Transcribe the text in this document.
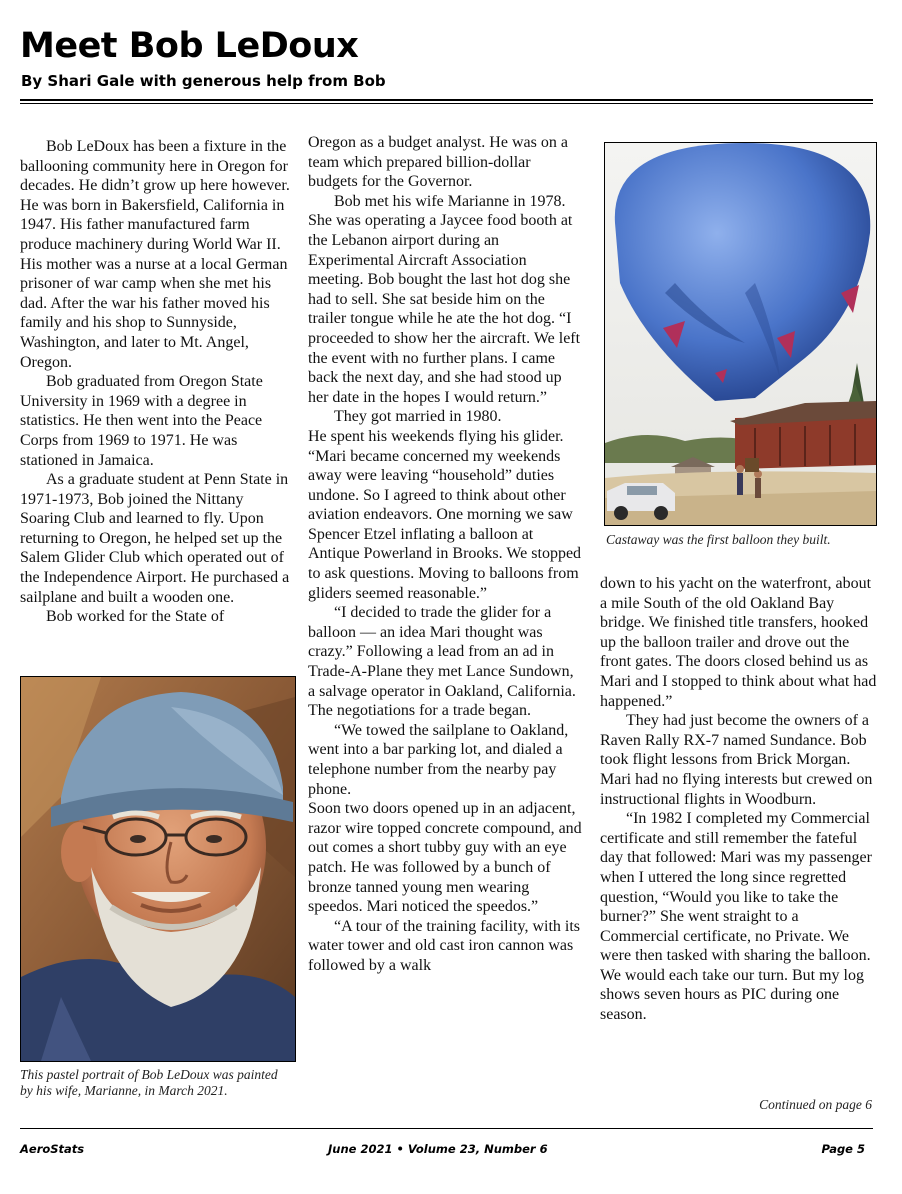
Meet Bob LeDoux
By Shari Gale with generous help from Bob

Bob LeDoux has been a fixture in the ballooning community here in Oregon for decades. He didn’t grow up here however. He was born in Bakersfield, California in 1947. His father manufactured farm produce machinery during World War II. His mother was a nurse at a local German prisoner of war camp when she met his dad. After the war his father moved his family and his shop to Sunnyside, Washington, and later to Mt. Angel, Oregon.

Bob graduated from Oregon State University in 1969 with a degree in statistics. He then went into the Peace Corps from 1969 to 1971. He was stationed in Jamaica.

As a graduate student at Penn State in 1971-1973, Bob joined the Nittany Soaring Club and learned to fly. Upon returning to Oregon, he helped set up the Salem Glider Club which operated out of the Independence Airport. He purchased a sailplane and built a wooden one.

Bob worked for the State of

This pastel portrait of Bob LeDoux was painted by his wife, Marianne, in March 2021.

Oregon as a budget analyst. He was on a team which prepared billion-dollar budgets for the Governor.

Bob met his wife Marianne in 1978. She was operating a Jaycee food booth at the Lebanon airport during an Experimental Aircraft Association meeting. Bob bought the last hot dog she had to sell. She sat beside him on the trailer tongue while he ate the hot dog. “I proceeded to show her the aircraft. We left the event with no further plans. I came back the next day, and she had stood up her date in the hopes I would return.”

They got married in 1980.

He spent his weekends flying his glider. “Mari became concerned my weekends away were leaving “household” duties undone. So I agreed to think about other aviation endeavors. One morning we saw Spencer Etzel inflating a balloon at Antique Powerland in Brooks. We stopped to ask questions. Moving to balloons from gliders seemed reasonable.”

“I decided to trade the glider for a balloon — an idea Mari thought was crazy.” Following a lead from an ad in Trade-A-Plane they met Lance Sundown, a salvage operator in Oakland, California. The negotiations for a trade began.

“We towed the sailplane to Oakland, went into a bar parking lot, and dialed a telephone number from the nearby pay phone.

Soon two doors opened up in an adjacent, razor wire topped concrete compound, and out comes a short tubby guy with an eye patch. He was followed by a bunch of bronze tanned young men wearing speedos. Mari noticed the speedos.”

“A tour of the training facility, with its water tower and old cast iron cannon was followed by a walk

Castaway was the first balloon they built.

down to his yacht on the waterfront, about a mile South of the old Oakland Bay bridge. We finished title transfers, hooked up the balloon trailer and drove out the front gates. The doors closed behind us as Mari and I stopped to think about what had happened.”

They had just become the owners of a Raven Rally RX-7 named Sundance. Bob took flight lessons from Brick Morgan. Mari had no flying interests but crewed on instructional flights in Woodburn.

“In 1982 I completed my Commercial certificate and still remember the fateful day that followed: Mari was my passenger when I uttered the long since regretted question, “Would you like to take the burner?” She went straight to a Commercial certificate, no Private. We were then tasked with sharing the balloon. We would each take our turn. But my log shows seven hours as PIC during one season.

Continued on page 6
AeroStats	June 2021 • Volume 23, Number 6	Page 5
